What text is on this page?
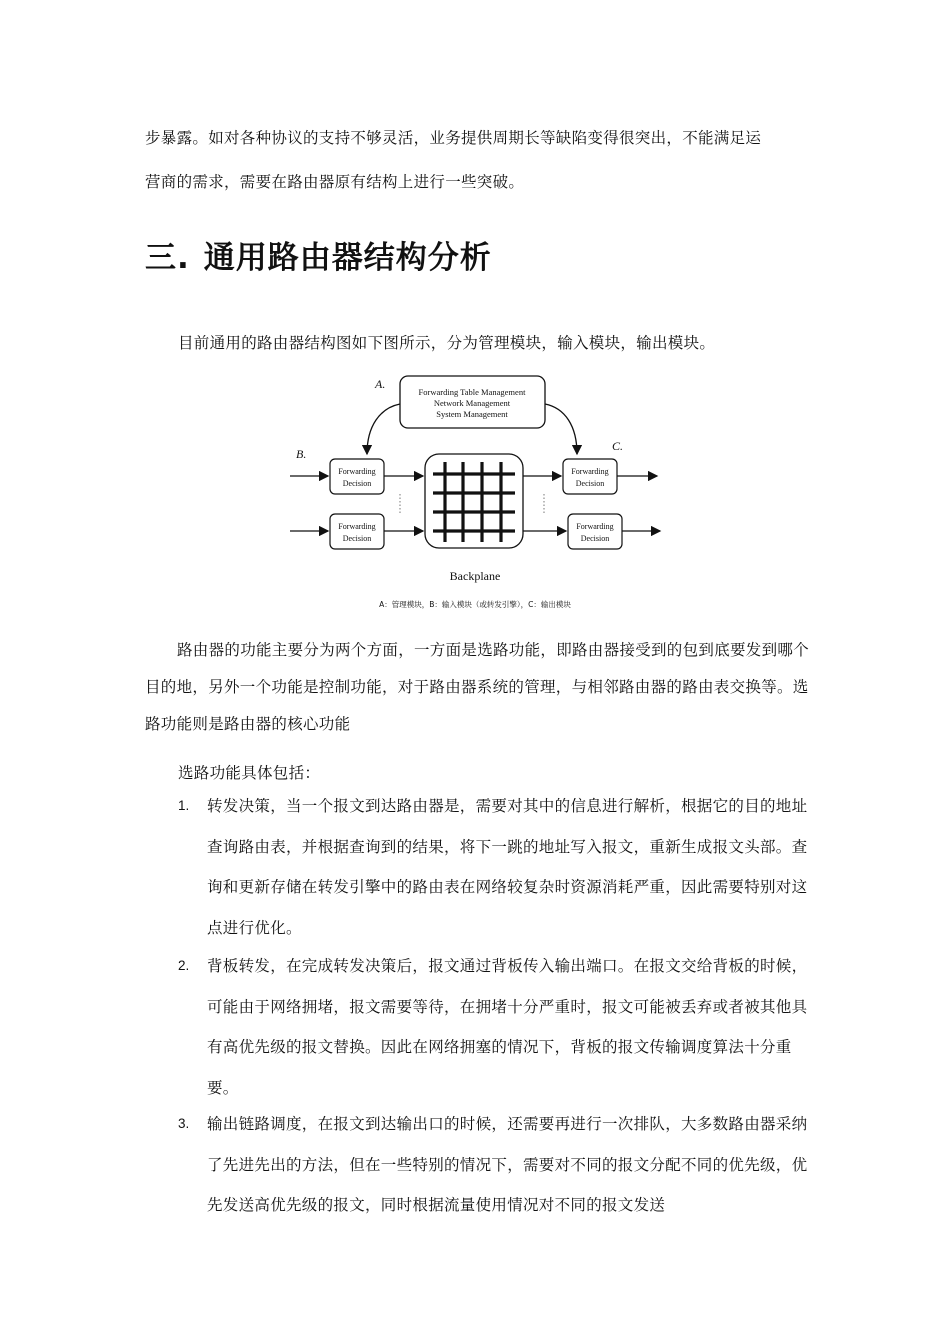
步暴露。如对各种协议的支持不够灵活，业务提供周期长等缺陷变得很突出，不能满足运

营商的需求，需要在路由器原有结构上进行一些突破。

三. 通用路由器结构分析

目前通用的路由器结构图如下图所示，分为管理模块，输入模块，输出模块。

A.
B.
C.
Forwarding Table Management
Network Management
System Management
Forwarding
Decision
Forwarding
Decision
Forwarding
Decision
Forwarding
Decision
Backplane
A：管理模块，B：输入模块（或转发引擎），C：输出模块

路由器的功能主要分为两个方面，一方面是选路功能，即路由器接受到的包到底要发到哪个目的地，另外一个功能是控制功能，对于路由器系统的管理，与相邻路由器的路由表交换等。选路功能则是路由器的核心功能

选路功能具体包括：

1. 转发决策，当一个报文到达路由器是，需要对其中的信息进行解析，根据它的目的地址查询路由表，并根据查询到的结果，将下一跳的地址写入报文，重新生成报文头部。查询和更新存储在转发引擎中的路由表在网络较复杂时资源消耗严重，因此需要特别对这点进行优化。
2. 背板转发，在完成转发决策后，报文通过背板传入输出端口。在报文交给背板的时候，可能由于网络拥堵，报文需要等待，在拥堵十分严重时，报文可能被丢弃或者被其他具有高优先级的报文替换。因此在网络拥塞的情况下，背板的报文传输调度算法十分重要。
3. 输出链路调度，在报文到达输出口的时候，还需要再进行一次排队，大多数路由器采纳了先进先出的方法，但在一些特别的情况下，需要对不同的报文分配不同的优先级，优先发送高优先级的报文，同时根据流量使用情况对不同的报文发送
